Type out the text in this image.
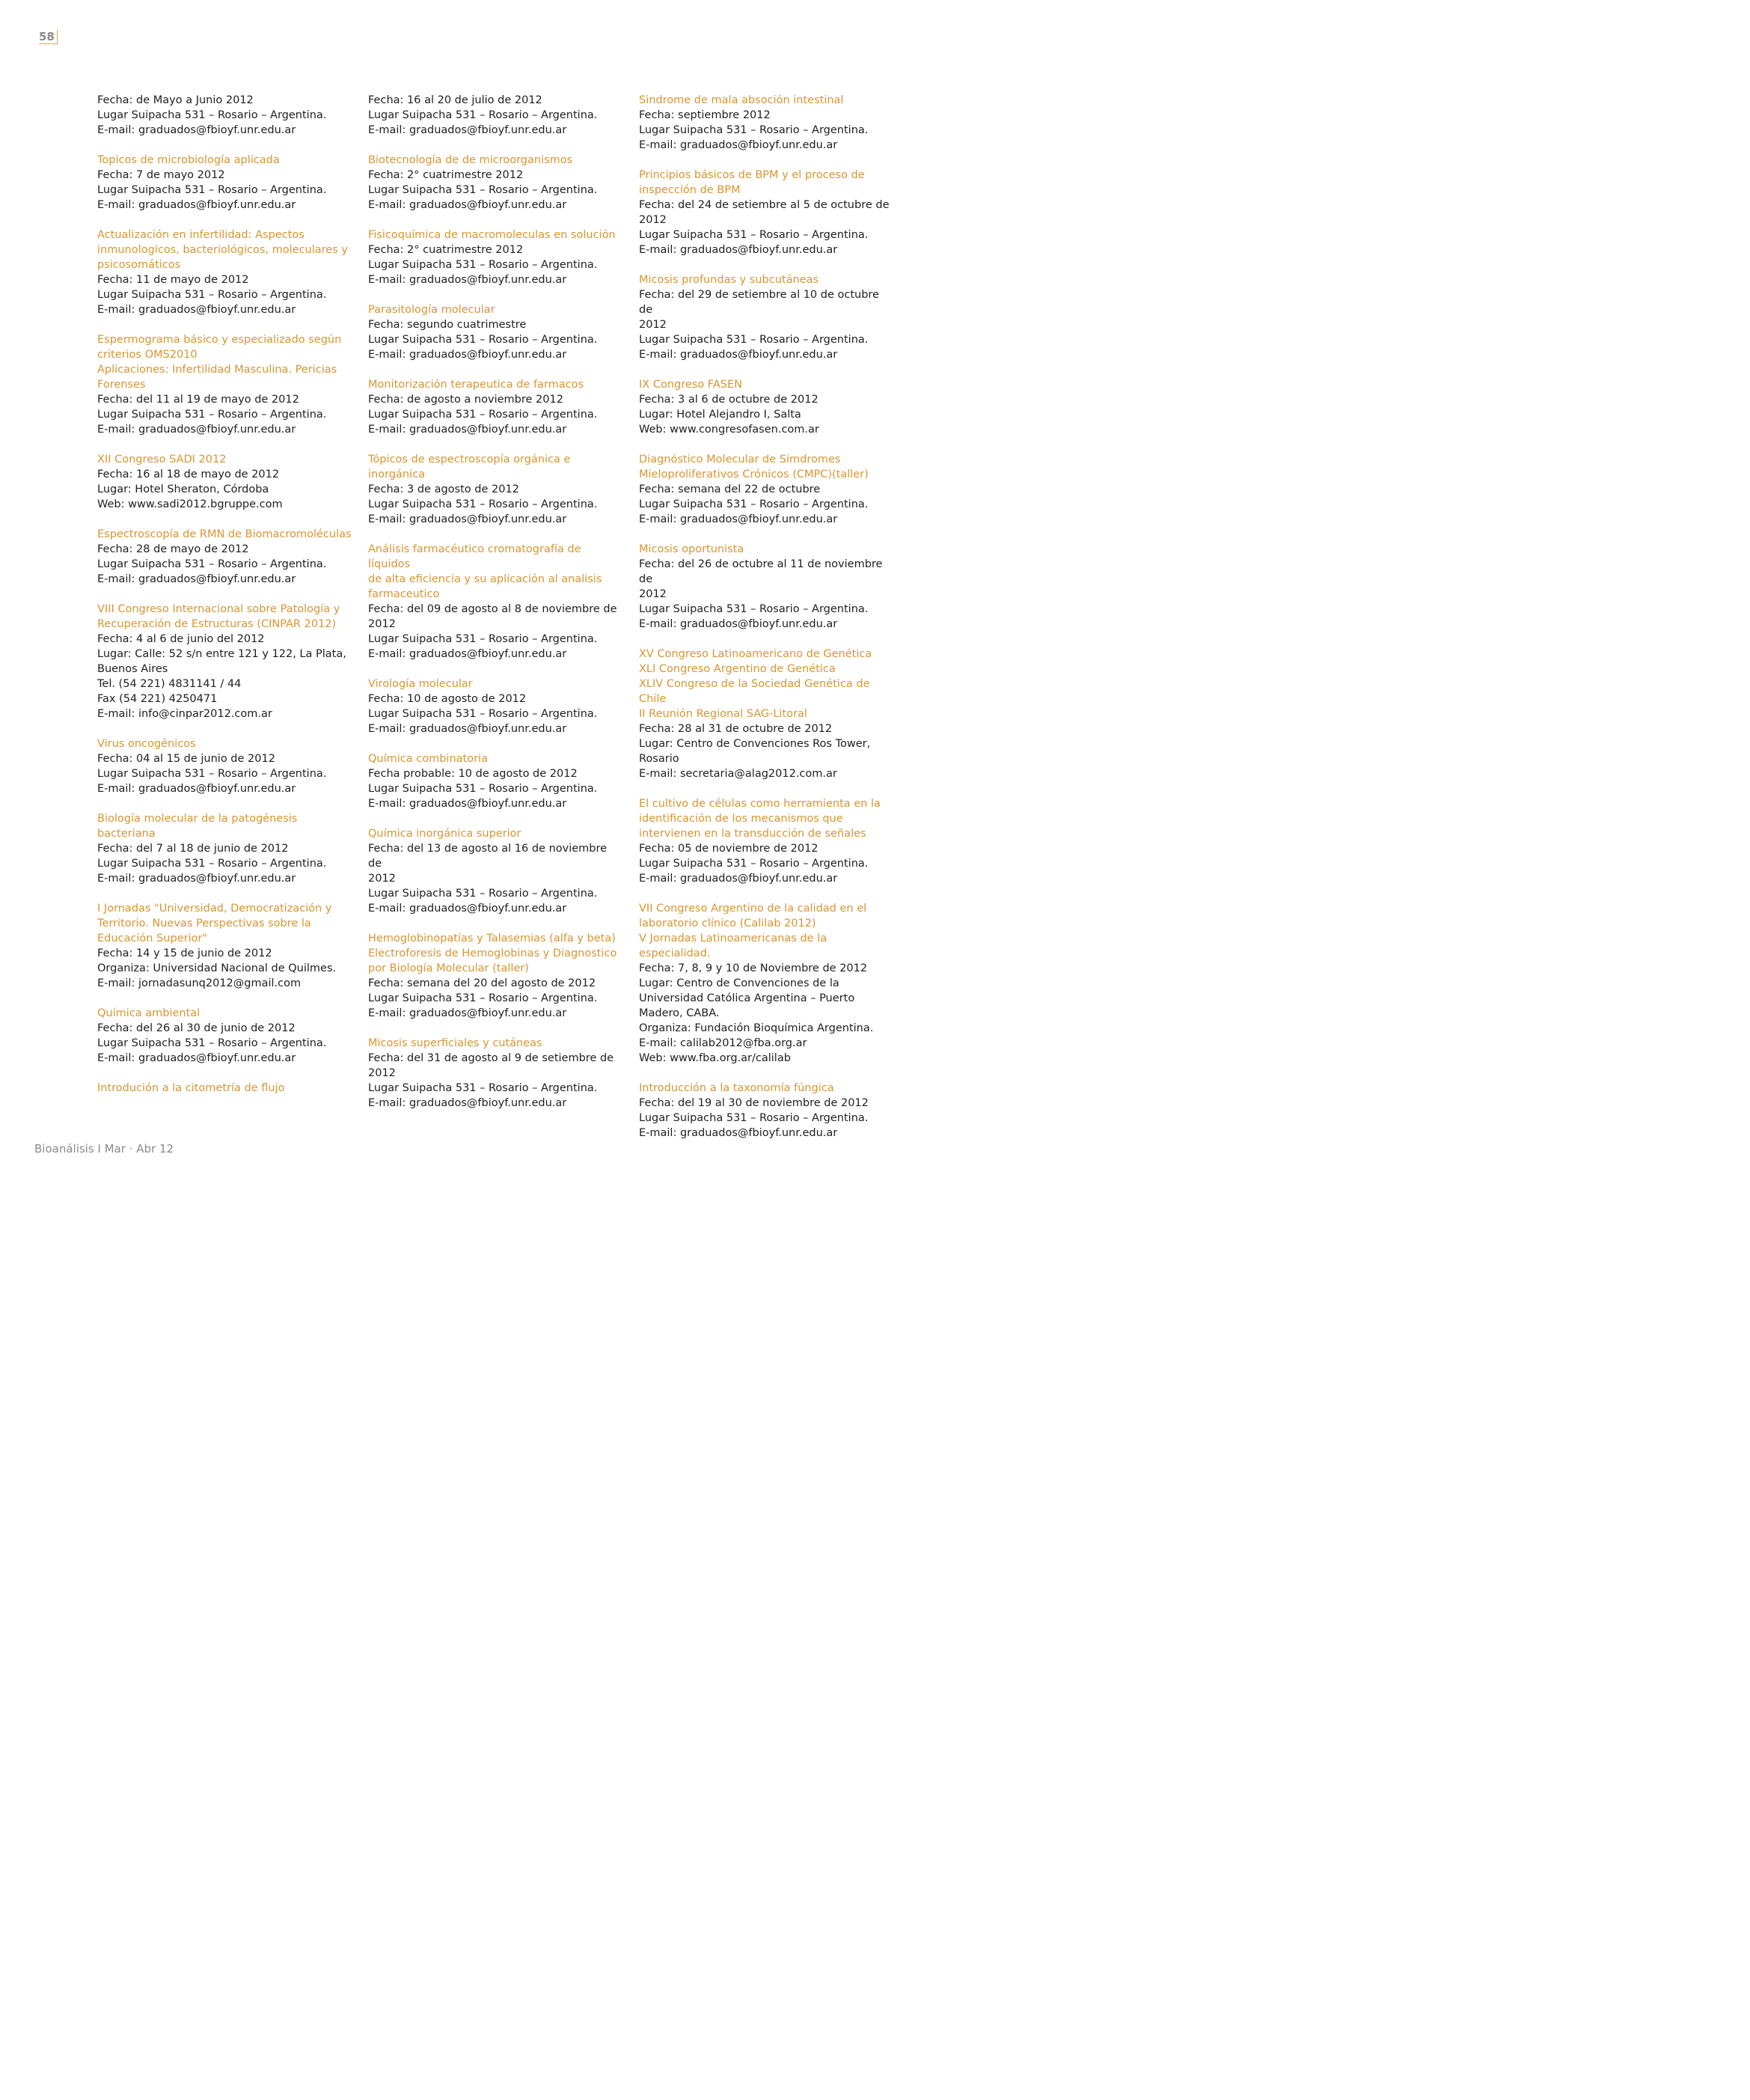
58
Fecha: de Mayo a Junio 2012
Lugar Suipacha 531 – Rosario – Argentina.
E-mail: graduados@fbioyf.unr.edu.ar
Topicos de microbiología aplicada
Fecha: 7 de mayo 2012
Lugar Suipacha 531 – Rosario – Argentina.
E-mail: graduados@fbioyf.unr.edu.ar
Actualización en infertilidad: Aspectos
inmunologicos, bacteriológicos, moleculares y
psicosomáticos
Fecha: 11 de mayo de 2012
Lugar Suipacha 531 – Rosario – Argentina.
E-mail: graduados@fbioyf.unr.edu.ar
Espermograma básico y especializado según
criterios OMS2010
Aplicaciones: Infertilidad Masculina. Pericias
Forenses
Fecha: del 11 al 19 de mayo de 2012
Lugar Suipacha 531 – Rosario – Argentina.
E-mail: graduados@fbioyf.unr.edu.ar
XII Congreso SADI 2012
Fecha: 16 al 18 de mayo de 2012
Lugar: Hotel Sheraton, Córdoba
Web: www.sadi2012.bgruppe.com
Espectroscopía de RMN de Biomacromoléculas
Fecha: 28 de mayo de 2012
Lugar Suipacha 531 – Rosario – Argentina.
E-mail: graduados@fbioyf.unr.edu.ar
VIII Congreso Internacional sobre Patología y
Recuperación de Estructuras (CINPAR 2012)
Fecha: 4 al 6 de junio del 2012
Lugar: Calle: 52 s/n entre 121 y 122, La Plata,
Buenos Aires
Tel. (54 221) 4831141 / 44
Fax (54 221) 4250471
E-mail: info@cinpar2012.com.ar
Virus oncogénicos
Fecha: 04 al 15 de junio de 2012
Lugar Suipacha 531 – Rosario – Argentina.
E-mail: graduados@fbioyf.unr.edu.ar
Biología molecular de la patogénesis bacteriana
Fecha: del 7 al 18 de junio de 2012
Lugar Suipacha 531 – Rosario – Argentina.
E-mail: graduados@fbioyf.unr.edu.ar
I Jornadas "Universidad, Democratización y
Territorio. Nuevas Perspectivas sobre la
Educación Superior"
Fecha: 14 y 15 de junio de 2012
Organiza: Universidad Nacional de Quilmes.
E-mail: jornadasunq2012@gmail.com
Química ambiental
Fecha: del 26 al 30 de junio de 2012
Lugar Suipacha 531 – Rosario – Argentina.
E-mail: graduados@fbioyf.unr.edu.ar
Introdución a la citometría de flujo
Fecha: 16 al 20 de julio de 2012
Lugar Suipacha 531 – Rosario – Argentina.
E-mail: graduados@fbioyf.unr.edu.ar
Biotecnología de de microorganismos
Fecha: 2° cuatrimestre 2012
Lugar Suipacha 531 – Rosario – Argentina.
E-mail: graduados@fbioyf.unr.edu.ar
Fisicoquímica de macromoleculas en solución
Fecha: 2° cuatrimestre 2012
Lugar Suipacha 531 – Rosario – Argentina.
E-mail: graduados@fbioyf.unr.edu.ar
Parasitología molecular
Fecha: segundo cuatrimestre
Lugar Suipacha 531 – Rosario – Argentina.
E-mail: graduados@fbioyf.unr.edu.ar
Monitorización terapeutica de farmacos
Fecha: de agosto a noviembre 2012
Lugar Suipacha 531 – Rosario – Argentina.
E-mail: graduados@fbioyf.unr.edu.ar
Tópicos de espectroscopía orgánica e
inorgánica
Fecha: 3 de agosto de 2012
Lugar Suipacha 531 – Rosario – Argentina.
E-mail: graduados@fbioyf.unr.edu.ar
Análisis farmacéutico cromatografía de líquidos
de alta eficiencia y su aplicación al analisis
farmaceutico
Fecha: del 09 de agosto al 8 de noviembre de
2012
Lugar Suipacha 531 – Rosario – Argentina.
E-mail: graduados@fbioyf.unr.edu.ar
Virología molecular
Fecha: 10 de agosto de 2012
Lugar Suipacha 531 – Rosario – Argentina.
E-mail: graduados@fbioyf.unr.edu.ar
Química combinatoria
Fecha probable: 10 de agosto de 2012
Lugar Suipacha 531 – Rosario – Argentina.
E-mail: graduados@fbioyf.unr.edu.ar
Química inorgánica superior
Fecha: del 13 de agosto al 16 de noviembre de
2012
Lugar Suipacha 531 – Rosario – Argentina.
E-mail: graduados@fbioyf.unr.edu.ar
Hemoglobinopatías y Talasemias (alfa y beta)
Electroforesis de Hemoglobinas y Diagnostico
por Biología Molecular (taller)
Fecha: semana del 20 del agosto de 2012
Lugar Suipacha 531 – Rosario – Argentina.
E-mail: graduados@fbioyf.unr.edu.ar
Micosis superficiales y cutáneas
Fecha: del 31 de agosto al 9 de setiembre de
2012
Lugar Suipacha 531 – Rosario – Argentina.
E-mail: graduados@fbioyf.unr.edu.ar
Sindrome de mala absoción intestinal
Fecha: septiembre 2012
Lugar Suipacha 531 – Rosario – Argentina.
E-mail: graduados@fbioyf.unr.edu.ar
Principios básicos de BPM y el proceso de
inspección de BPM
Fecha: del 24 de setiembre al 5 de octubre de
2012
Lugar Suipacha 531 – Rosario – Argentina.
E-mail: graduados@fbioyf.unr.edu.ar
Micosis profundas y subcutáneas
Fecha: del 29 de setiembre al 10 de octubre de
2012
Lugar Suipacha 531 – Rosario – Argentina.
E-mail: graduados@fbioyf.unr.edu.ar
IX Congreso FASEN
Fecha: 3 al 6 de octubre de 2012
Lugar: Hotel Alejandro I, Salta
Web: www.congresofasen.com.ar
Diagnóstico Molecular de Simdromes
Mieloproliferativos Crónicos (CMPC)(taller)
Fecha: semana del 22 de octubre
Lugar Suipacha 531 – Rosario – Argentina.
E-mail: graduados@fbioyf.unr.edu.ar
Micosis oportunista
Fecha: del 26 de octubre al 11 de noviembre de
2012
Lugar Suipacha 531 – Rosario – Argentina.
E-mail: graduados@fbioyf.unr.edu.ar
XV Congreso Latinoamericano de Genética
XLI Congreso Argentino de Genética
XLIV Congreso de la Sociedad Genética de Chile
II Reunión Regional SAG-Litoral
Fecha: 28 al 31 de octubre de 2012
Lugar: Centro de Convenciones Ros Tower,
Rosario
E-mail: secretaria@alag2012.com.ar
El cultivo de células como herramienta en la
identificación de los mecanismos que
intervienen en la transducción de señales
Fecha: 05 de noviembre de 2012
Lugar Suipacha 531 – Rosario – Argentina.
E-mail: graduados@fbioyf.unr.edu.ar
VII Congreso Argentino de la calidad en el
laboratorio clínico (Calilab 2012)
V Jornadas Latinoamericanas de la especialidad.
Fecha: 7, 8, 9 y 10 de Noviembre de 2012
Lugar: Centro de Convenciones de la
Universidad Católica Argentina – Puerto
Madero, CABA.
Organiza: Fundación Bioquímica Argentina.
E-mail: calilab2012@fba.org.ar
Web: www.fba.org.ar/calilab
Introducción a la taxonomía fúngica
Fecha: del 19 al 30 de noviembre de 2012
Lugar Suipacha 531 – Rosario – Argentina.
E-mail: graduados@fbioyf.unr.edu.ar
Bioanálisis I Mar · Abr 12
